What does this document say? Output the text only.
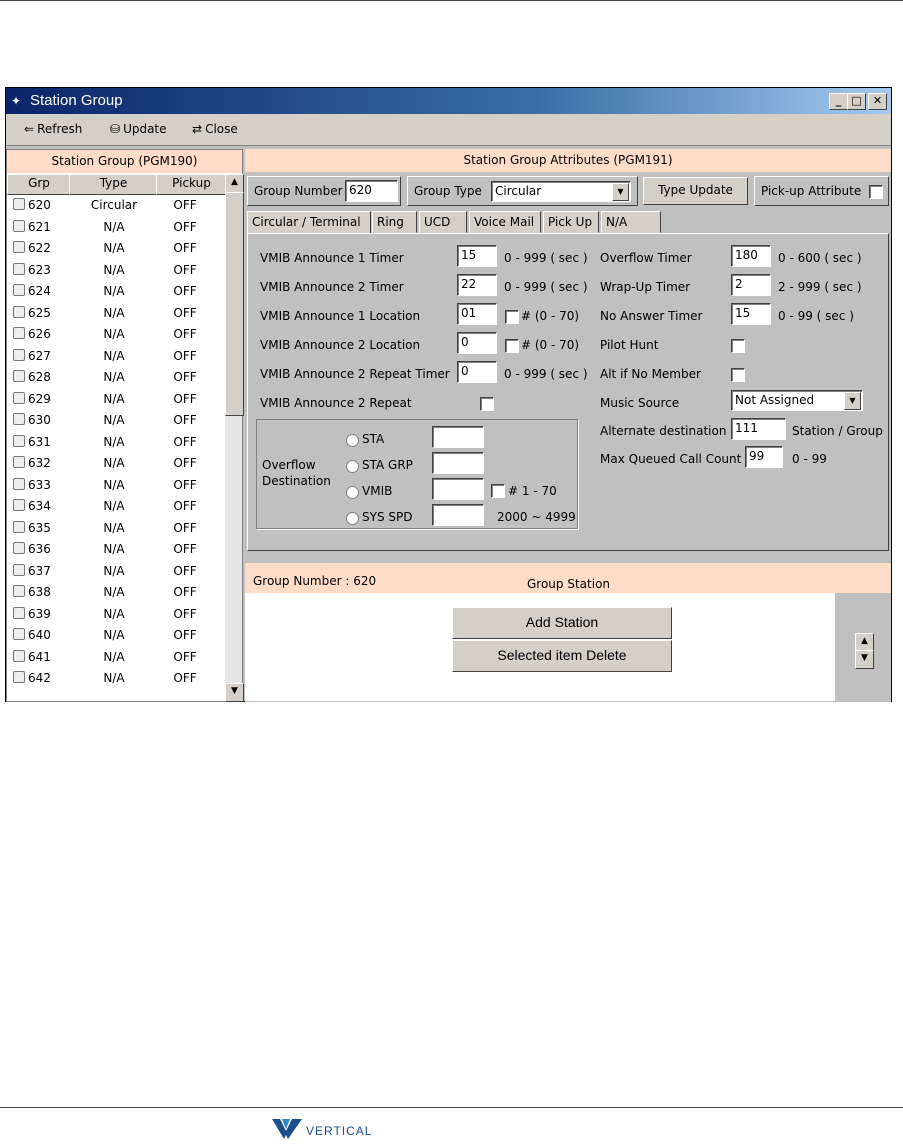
✦ Station Group	_ □	✕
⇐ Refresh ⛁ Update ⇄ Close
Station Group (PGM190)
Grp	Type	Pickup
620	Circular	OFF
621	N/A	OFF
622	N/A	OFF
623	N/A	OFF
624	N/A	OFF
625	N/A	OFF
626	N/A	OFF
627	N/A	OFF
628	N/A	OFF
629	N/A	OFF
630	N/A	OFF
631	N/A	OFF
632	N/A	OFF
633	N/A	OFF
634	N/A	OFF
635	N/A	OFF
636	N/A	OFF
637	N/A	OFF
638	N/A	OFF
639	N/A	OFF
640	N/A	OFF
641	N/A	OFF
642	N/A	OFF
▲
▼
Station Group Attributes (PGM191)
Group Number 620	Group Type	Circular	▼	Type Update	Pick-up Attribute
Circular / Terminal	Ring	UCD	Voice Mail	Pick Up	N/A
VMIB Announce 1 Timer	15	0 - 999 ( sec )
VMIB Announce 2 Timer	22	0 - 999 ( sec )
VMIB Announce 1 Location	01	# (0 - 70)
VMIB Announce 2 Location	0	# (0 - 70)
VMIB Announce 2 Repeat Timer 0	0 - 999 ( sec )
VMIB Announce 2 Repeat
Overflow
Destination
STA
STA GRP
VMIB	# 1 - 70
SYS SPD	2000 ~ 4999
Overflow Timer	180	0 - 600 ( sec )
Wrap-Up Timer	2	2 - 999 ( sec )
No Answer Timer	15	0 - 99 ( sec )
Pilot Hunt
Alt if No Member
Music Source	Not Assigned	▼
Alternate destination 111	Station / Group
Max Queued Call Count 99	0 - 99
Group Number : 620	Group Station
Add Station
Selected item Delete
▲
▼
VERTICAL
